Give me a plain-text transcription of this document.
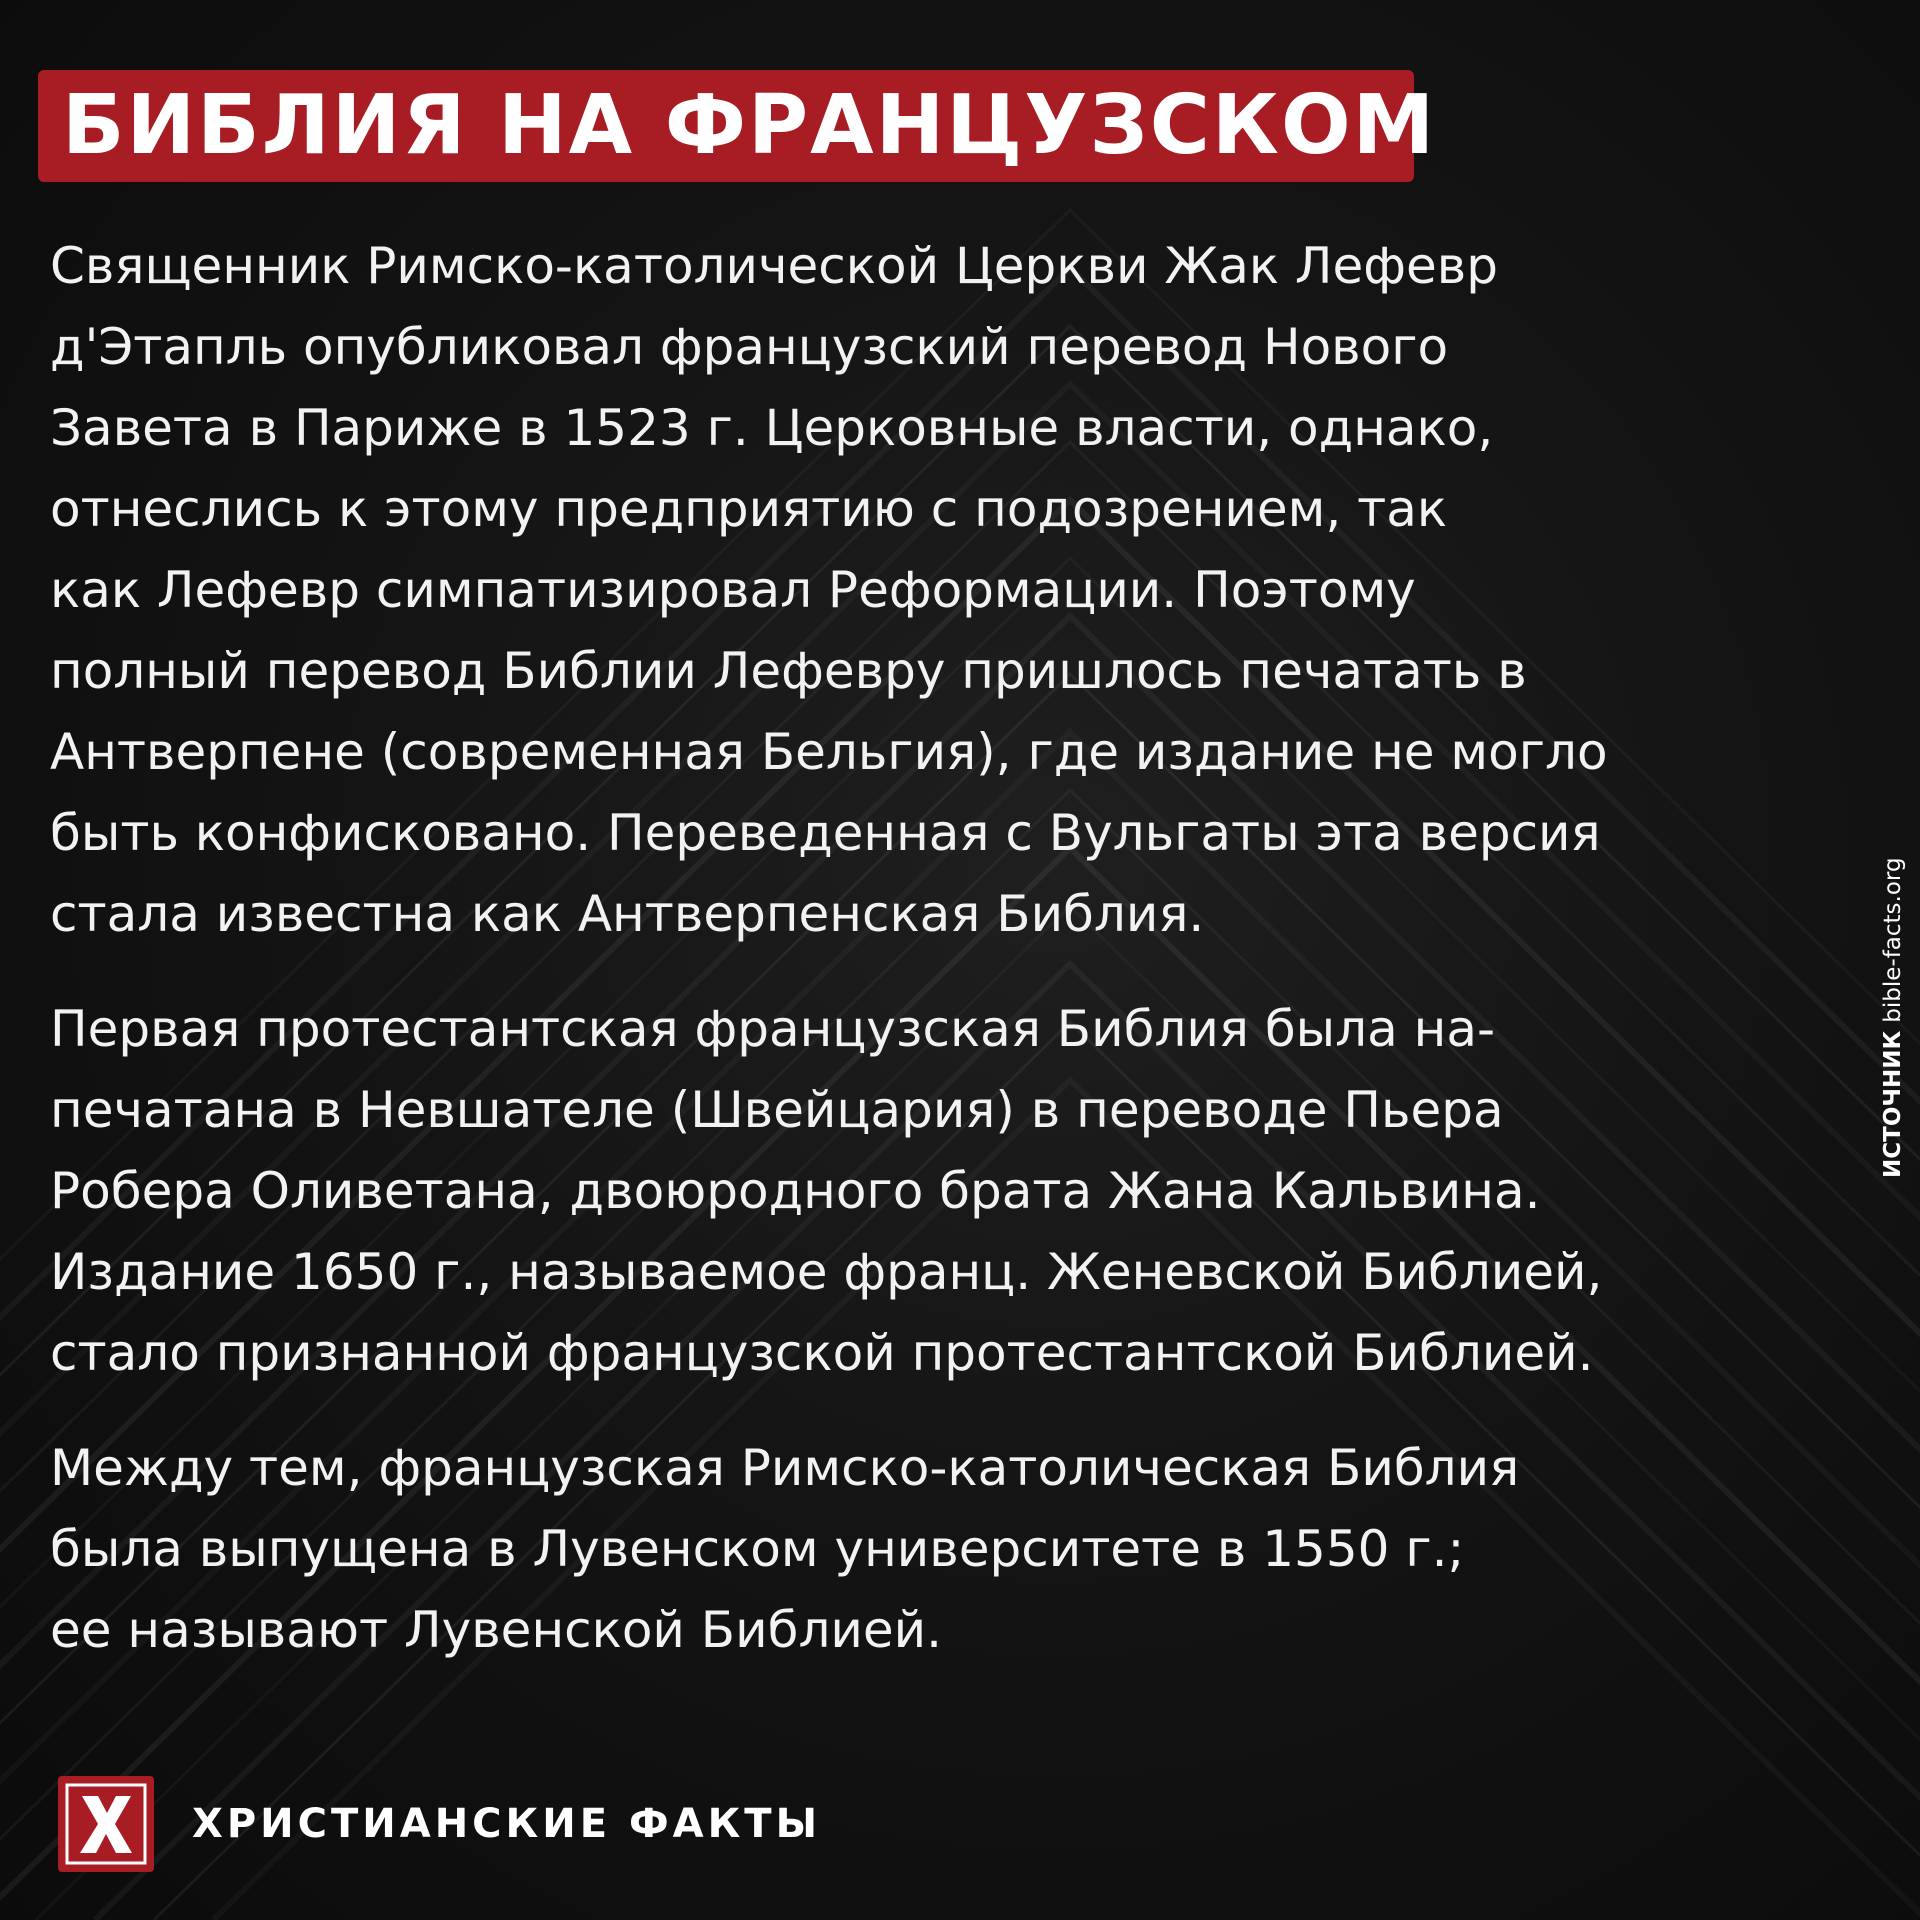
БИБЛИЯ НА ФРАНЦУЗСКОМ
Священник Римско-католической Церкви Жак Лефевр
д'Этапль опубликовал французский перевод Нового
Завета в Париже в 1523 г. Церковные власти, однако,
отнеслись к этому предприятию с подозрением, так
как Лефевр симпатизировал Реформации. Поэтому
полный перевод Библии Лефевру пришлось печатать в
Антверпене (современная Бельгия), где издание не могло
быть конфисковано. Переведенная с Вульгаты эта версия
стала известна как Антверпенская Библия.
Первая протестантская французская Библия была на-
печатана в Невшателе (Швейцария) в переводе Пьера
Робера Оливетана, двоюродного брата Жана Кальвина.
Издание 1650 г., называемое франц. Женевской Библией,
стало признанной французской протестантской Библией.
Между тем, французская Римско-католическая Библия
была выпущена в Лувенском университете в 1550 г.;
ее называют Лувенской Библией.
ИСТОЧНИКbible-facts.org
ХРИСТИАНСКИЕ ФАКТЫ
